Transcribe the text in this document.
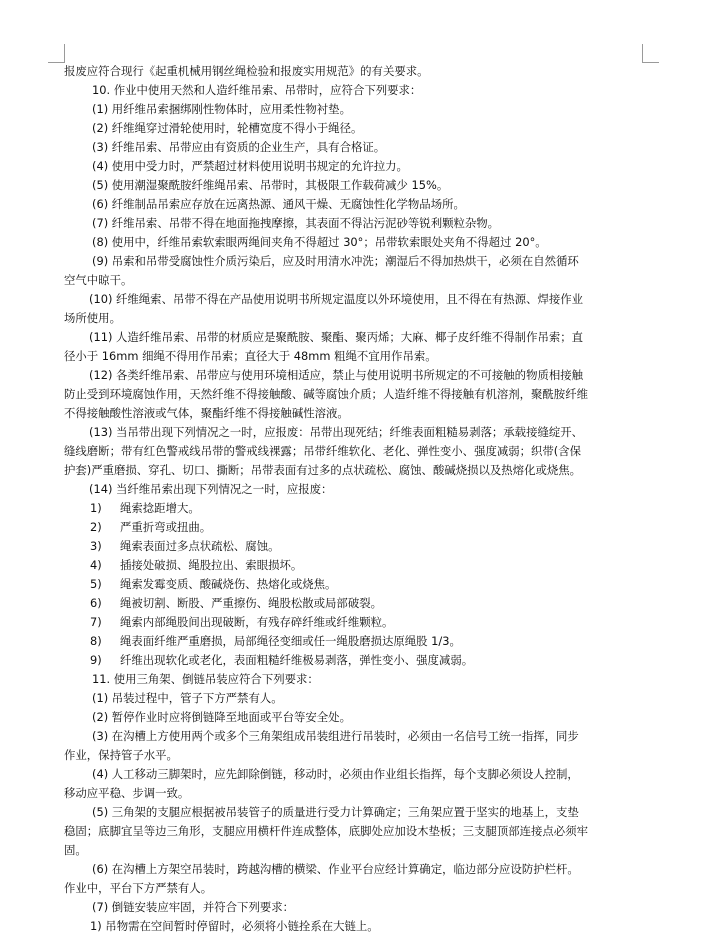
报废应符合现行《起重机械用钢丝绳检验和报废实用规范》的有关要求。
10. 作业中使用天然和人造纤维吊索、吊带时，应符合下列要求：
(1) 用纤维吊索捆绑刚性物体时，应用柔性物衬垫。
(2) 纤维绳穿过滑轮使用时，轮槽宽度不得小于绳径。
(3) 纤维吊索、吊带应由有资质的企业生产，具有合格证。
(4) 使用中受力时，严禁超过材料使用说明书规定的允许拉力。
(5) 使用潮湿聚酰胺纤维绳吊索、吊带时，其极限工作载荷减少 15%。
(6) 纤维制品吊索应存放在远离热源、通风干燥、无腐蚀性化学物品场所。
(7) 纤维吊索、吊带不得在地面拖拽摩擦，其表面不得沾污泥砂等锐利颗粒杂物。
(8) 使用中，纤维吊索软索眼两绳间夹角不得超过 30°；吊带软索眼处夹角不得超过 20°。
(9) 吊索和吊带受腐蚀性介质污染后，应及时用清水冲洗；潮湿后不得加热烘干，必须在自然循环
空气中晾干。
(10) 纤维绳索、吊带不得在产品使用说明书所规定温度以外环境使用，且不得在有热源、焊接作业
场所使用。
(11) 人造纤维吊索、吊带的材质应是聚酰胺、聚酯、聚丙烯；大麻、椰子皮纤维不得制作吊索；直
径小于 16mm 细绳不得用作吊索；直径大于 48mm 粗绳不宜用作吊索。
(12) 各类纤维吊索、吊带应与使用环境相适应，禁止与使用说明书所规定的不可接触的物质相接触
防止受到环境腐蚀作用，天然纤维不得接触酸、碱等腐蚀介质；人造纤维不得接触有机溶剂，聚酰胺纤维
不得接触酸性溶液或气体，聚酯纤维不得接触碱性溶液。
(13) 当吊带出现下列情况之一时，应报废：吊带出现死结；纤维表面粗糙易剥落；承载接缝绽开、
缝线磨断；带有红色警戒线吊带的警戒线裸露；吊带纤维软化、老化、弹性变小、强度减弱；织带(含保
护套)严重磨损、穿孔、切口、撕断；吊带表面有过多的点状疏松、腐蚀、酸碱烧损以及热熔化或烧焦。
(14) 当纤维吊索出现下列情况之一时，应报废：
1) 绳索捻距增大。
2) 严重折弯或扭曲。
3) 绳索表面过多点状疏松、腐蚀。
4) 插接处破损、绳股拉出、索眼损坏。
5) 绳索发霉变质、酸碱烧伤、热熔化或烧焦。
6) 绳被切割、断股、严重擦伤、绳股松散或局部破裂。
7) 绳索内部绳股间出现破断，有残存碎纤维或纤维颗粒。
8) 绳表面纤维严重磨损，局部绳径变细或任一绳股磨损达原绳股 1/3。
9) 纤维出现软化或老化，表面粗糙纤维极易剥落，弹性变小、强度减弱。
11. 使用三角架、倒链吊装应符合下列要求：
(1) 吊装过程中，管子下方严禁有人。
(2) 暂停作业时应将倒链降至地面或平台等安全处。
(3) 在沟槽上方使用两个或多个三角架组成吊装组进行吊装时，必须由一名信号工统一指挥，同步
作业，保持管子水平。
(4) 人工移动三脚架时，应先卸除倒链，移动时，必须由作业组长指挥，每个支脚必须设人控制，
移动应平稳、步调一致。
(5) 三角架的支腿应根据被吊装管子的质量进行受力计算确定；三角架应置于坚实的地基上，支垫
稳固；底脚宜呈等边三角形，支腿应用横杆件连成整体，底脚处应加设木垫板；三支腿顶部连接点必须牢
固。
(6) 在沟槽上方架空吊装时，跨越沟槽的横梁、作业平台应经计算确定，临边部分应设防护栏杆。
作业中，平台下方严禁有人。
(7) 倒链安装应牢固，并符合下列要求：
1) 吊物需在空间暂时停留时，必须将小链拴系在大链上。
